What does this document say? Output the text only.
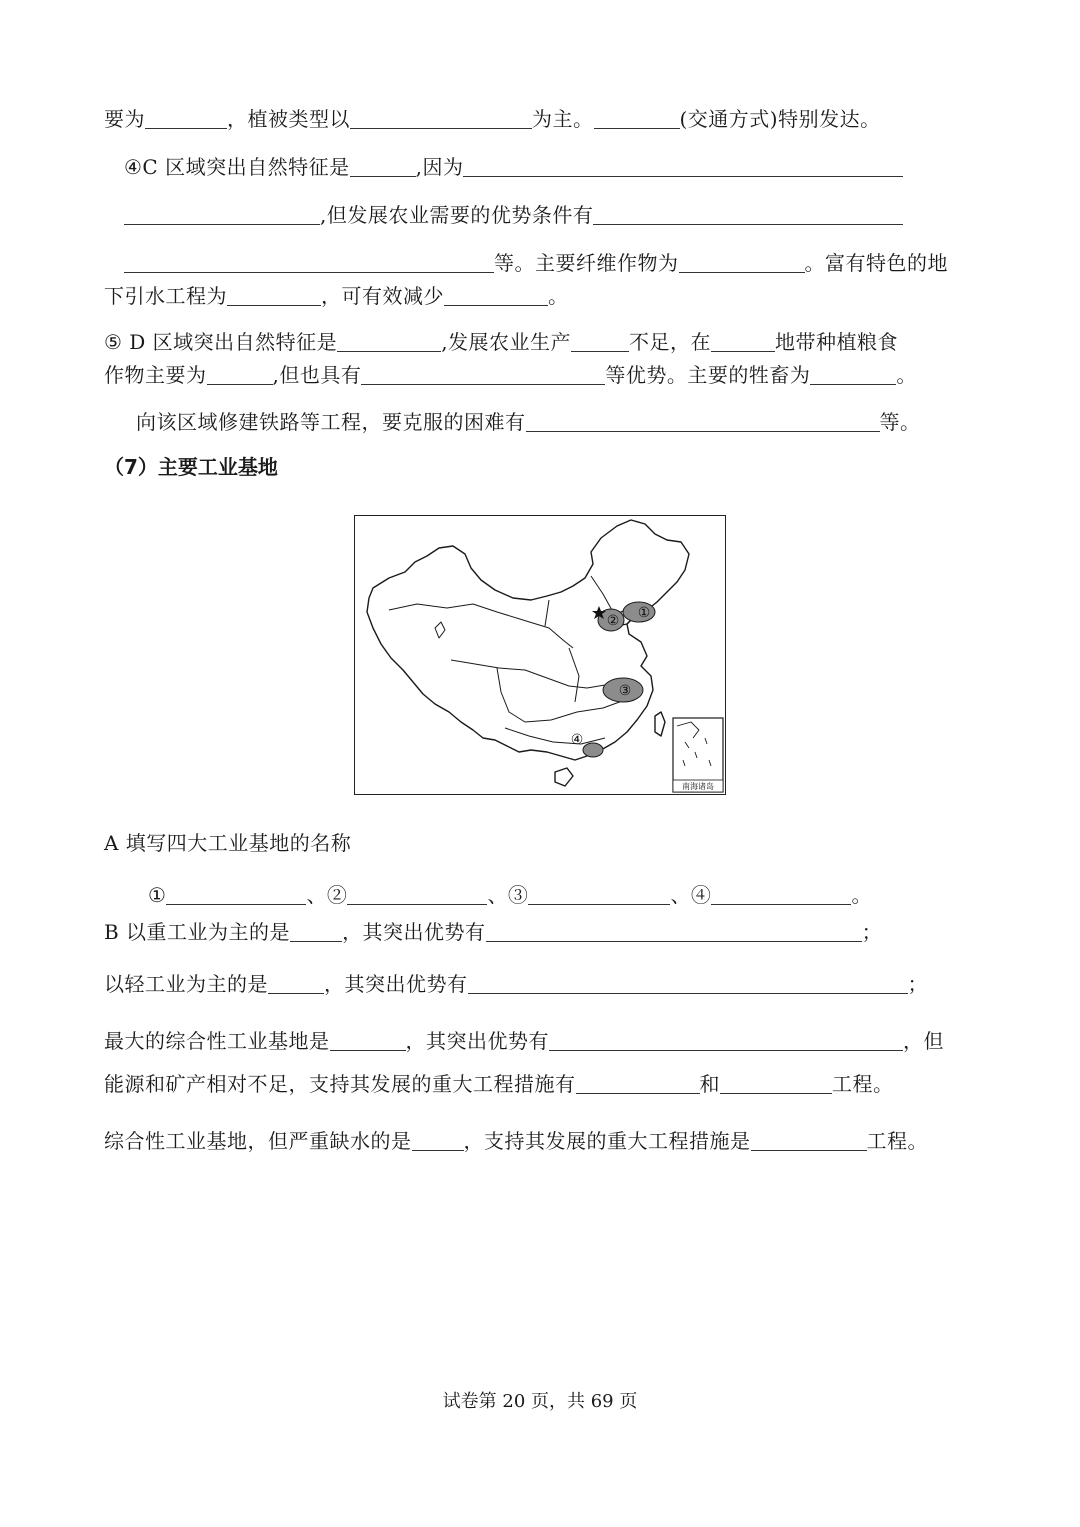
要为	，植被类型以	为主。	(交通方式)特别发达。

④C 区域突出自然特征是	,因为

,但发展农业需要的优势条件有

等。主要纤维作物为	。富有特色的地

下引水工程为	，可有效减少	。

⑤ D 区域突出自然特征是	,发展农业生产	不足，在	地带种植粮食

作物主要为	,但也具有	等优势。主要的牲畜为	。

向该区域修建铁路等工程，要克服的困难有	等。

（7）主要工业基地

①
②
③
④
南海诸岛

A 填写四大工业基地的名称

①	、②	、③	、④	。

B 以重工业为主的是	，其突出优势有	；

以轻工业为主的是	，其突出优势有	；

最大的综合性工业基地是	，其突出优势有	，但

能源和矿产相对不足，支持其发展的重大工程措施有	和	工程。

综合性工业基地，但严重缺水的是	，支持其发展的重大工程措施是	工程。

试卷第 20 页，共 69 页
